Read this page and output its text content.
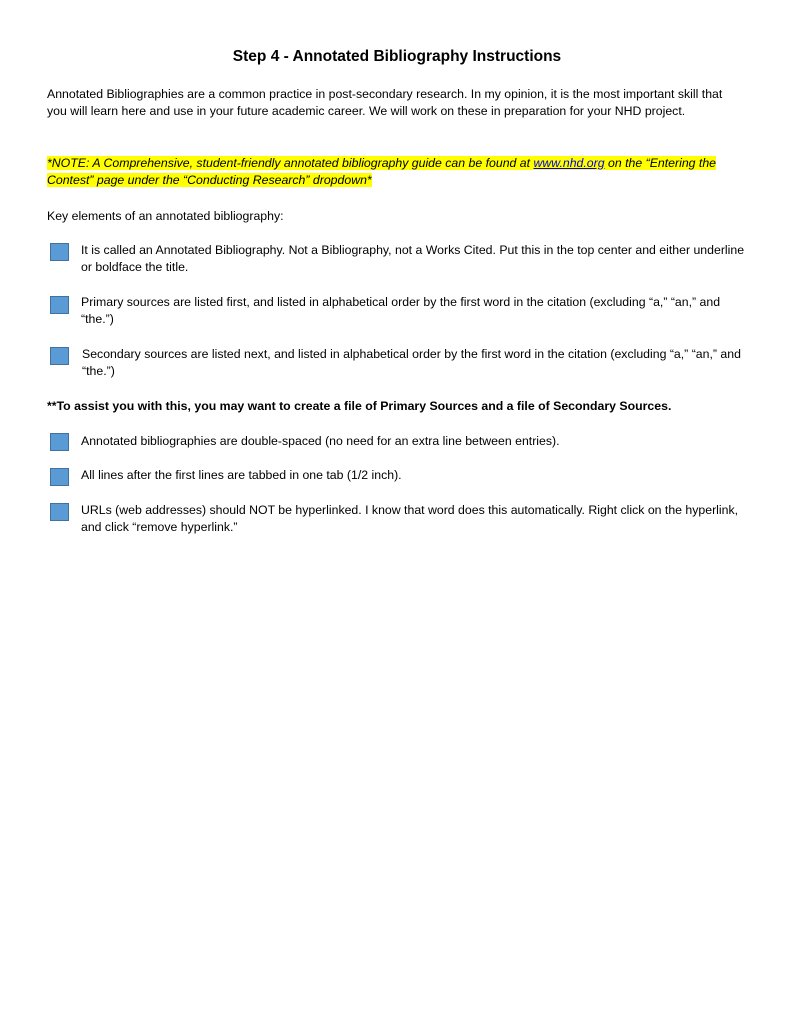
Step 4 - Annotated Bibliography Instructions

Annotated Bibliographies are a common practice in post-secondary research. In my opinion, it is the most important skill that you will learn here and use in your future academic career. We will work on these in preparation for your NHD project.

*NOTE: A Comprehensive, student-friendly annotated bibliography guide can be found at www.nhd.org on the “Entering the Contest” page under the “Conducting Research” dropdown*

Key elements of an annotated bibliography:

It is called an Annotated Bibliography. Not a Bibliography, not a Works Cited. Put this in the top center and either underline or boldface the title.

Primary sources are listed first, and listed in alphabetical order by the first word in the citation (excluding “a,” “an,” and “the.”)

Secondary sources are listed next, and listed in alphabetical order by the first word in the citation (excluding “a,” “an,” and “the.”)

**To assist you with this, you may want to create a file of Primary Sources and a file of Secondary Sources.

Annotated bibliographies are double-spaced (no need for an extra line between entries).

All lines after the first lines are tabbed in one tab (1/2 inch).

URLs (web addresses) should NOT be hyperlinked. I know that word does this automatically. Right click on the hyperlink, and click “remove hyperlink.”
